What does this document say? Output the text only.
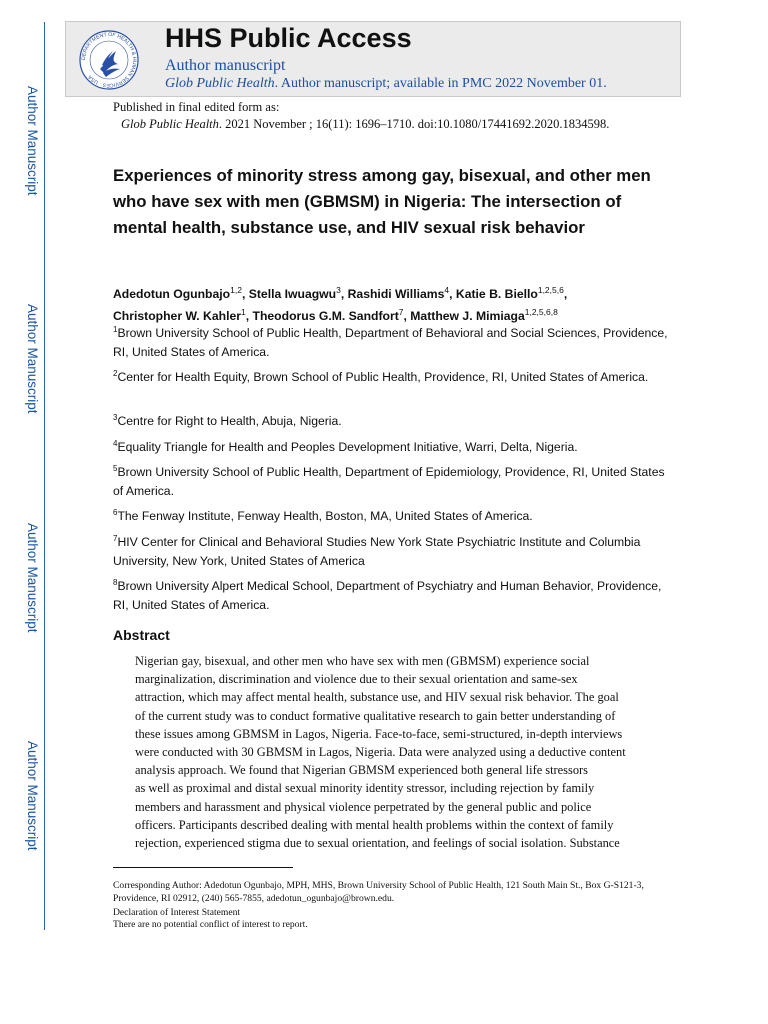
Author Manuscript
Author Manuscript
Author Manuscript
Author Manuscript
DEPARTMENT OF HEALTH & HUMAN SERVICES · USA
HHS Public Access
Author manuscript
Glob Public Health. Author manuscript; available in PMC 2022 November 01.
Published in final edited form as:
Glob Public Health. 2021 November ; 16(11): 1696–1710. doi:10.1080/17441692.2020.1834598.
Experiences of minority stress among gay, bisexual, and other men who have sex with men (GBMSM) in Nigeria: The intersection of mental health, substance use, and HIV sexual risk behavior
Adedotun Ogunbajo$^{1,2}$, Stella Iwuagwu$^3$, Rashidi Williams$^4$, Katie B. Biello$^{1,2,5,6}$,
Christopher W. Kahler$^1$, Theodorus G.M. Sandfort$^7$, Matthew J. Mimiaga$^{1,2,5,6,8}$
$^1$Brown University School of Public Health, Department of Behavioral and Social Sciences, Providence, RI, United States of America.
$^2$Center for Health Equity, Brown School of Public Health, Providence, RI, United States of America.
$^3$Centre for Right to Health, Abuja, Nigeria.
$^4$Equality Triangle for Health and Peoples Development Initiative, Warri, Delta, Nigeria.
$^5$Brown University School of Public Health, Department of Epidemiology, Providence, RI, United States of America.
$^6$The Fenway Institute, Fenway Health, Boston, MA, United States of America.
$^7$HIV Center for Clinical and Behavioral Studies New York State Psychiatric Institute and Columbia University, New York, United States of America
$^8$Brown University Alpert Medical School, Department of Psychiatry and Human Behavior, Providence, RI, United States of America.
Abstract
Nigerian gay, bisexual, and other men who have sex with men (GBMSM) experience social
marginalization, discrimination and violence due to their sexual orientation and same-sex
attraction, which may affect mental health, substance use, and HIV sexual risk behavior. The goal
of the current study was to conduct formative qualitative research to gain better understanding of
these issues among GBMSM in Lagos, Nigeria. Face-to-face, semi-structured, in-depth interviews
were conducted with 30 GBMSM in Lagos, Nigeria. Data were analyzed using a deductive content
analysis approach. We found that Nigerian GBMSM experienced both general life stressors
as well as proximal and distal sexual minority identity stressor, including rejection by family
members and harassment and physical violence perpetrated by the general public and police
officers. Participants described dealing with mental health problems within the context of family
rejection, experienced stigma due to sexual orientation, and feelings of social isolation. Substance
Corresponding Author: Adedotun Ogunbajo, MPH, MHS, Brown University School of Public Health, 121 South Main St., Box G-S121-3, Providence, RI 02912, (240) 565-7855, adedotun_ogunbajo@brown.edu.
Declaration of Interest Statement
There are no potential conflict of interest to report.
